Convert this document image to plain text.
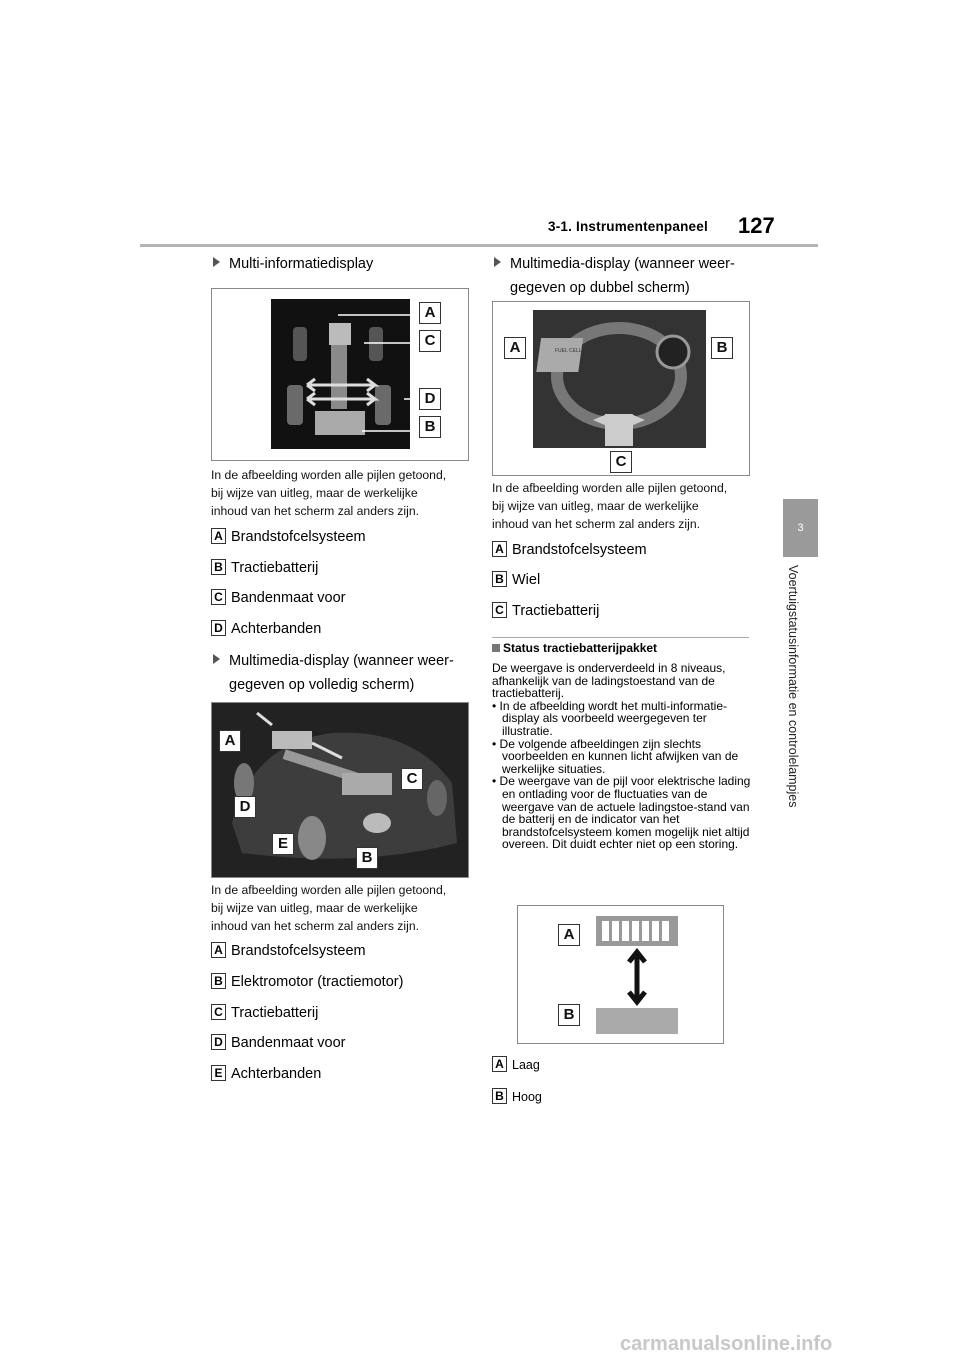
3-1. Instrumentenpaneel 127
3
Voertuigstatusinformatie en controlelampjes
Multi-informatiedisplay
A
C
D
B
In de afbeelding worden alle pijlen getoond,
bij wijze van uitleg, maar de werkelijke
inhoud van het scherm zal anders zijn.
A Brandstofcelsysteem
B Tractiebatterij
C Bandenmaat voor
D Achterbanden
Multimedia-display (wanneer weer-
gegeven op volledig scherm)
A
C
D
E
B
In de afbeelding worden alle pijlen getoond,
bij wijze van uitleg, maar de werkelijke
inhoud van het scherm zal anders zijn.
A Brandstofcelsysteem
B Elektromotor (tractiemotor)
C Tractiebatterij
D Bandenmaat voor
E Achterbanden
Multimedia-display (wanneer weer-
gegeven op dubbel scherm)
FUEL CELL
A	B
C
In de afbeelding worden alle pijlen getoond,
bij wijze van uitleg, maar de werkelijke
inhoud van het scherm zal anders zijn.
A Brandstofcelsysteem
B Wiel
C Tractiebatterij
Status tractiebatterijpakket
De weergave is onderverdeeld in 8 niveaus, afhankelijk van de ladingstoestand van de tractiebatterij.
• In de afbeelding wordt het multi-informatie-display als voorbeeld weergegeven ter illustratie.
• De volgende afbeeldingen zijn slechts voorbeelden en kunnen licht afwijken van de werkelijke situaties.
• De weergave van de pijl voor elektrische lading en ontlading voor de fluctuaties van de weergave van de actuele ladingstoe-stand van de batterij en de indicator van het brandstofcelsysteem komen mogelijk niet altijd overeen. Dit duidt echter niet op een storing.
A
B
A Laag
B Hoog
carmanualsonline.info
